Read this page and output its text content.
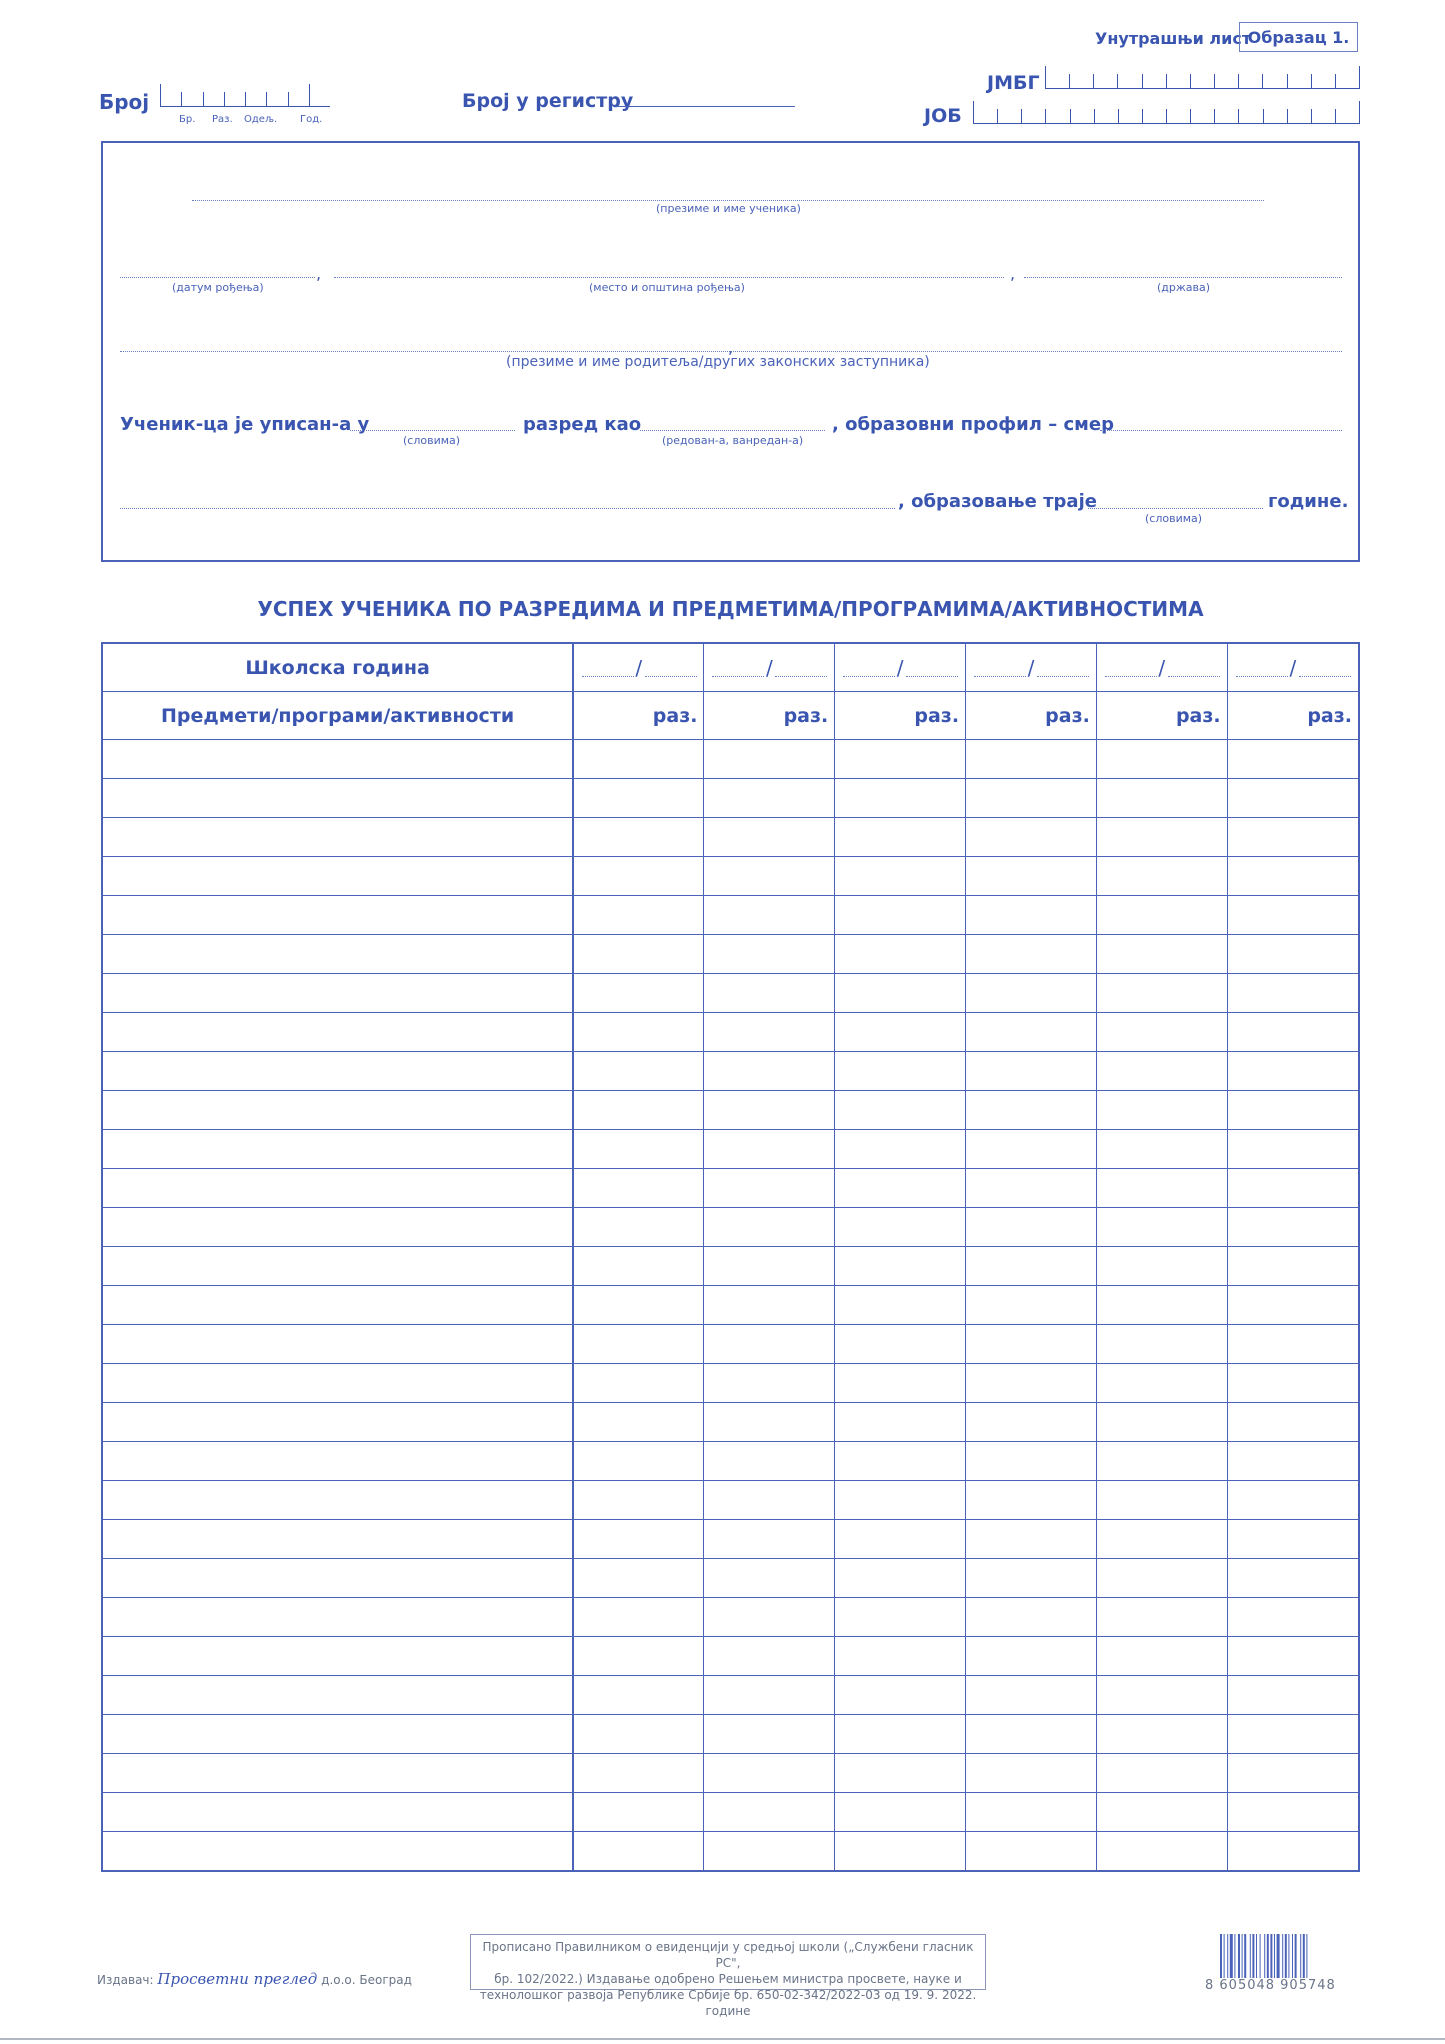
Унутрашњи лист
Образац 1.
Број
Бр. Раз. Одељ. Год.
Број у регистру
ЈМБГ
ЈОБ
(презиме и име ученика)
,
(датум рођења)
,
(место и општина рођења)	(држава)
,
(презиме и име родитеља/других законских заступника)
Ученик-ца је уписан-а у
(словима)
разред као
(редован-а, ванредан-а)
, образовни профил – смер
, образовање траје
(словима)
године.
УСПЕХ УЧЕНИКА ПО РАЗРЕДИМА И ПРЕДМЕТИМА/ПРОГРАМИМА/АКТИВНОСТИМА
Школска година	/	/	/	/	/	/

Предмети/програми/активности	раз.	раз.	раз.	раз.	раз.	раз.

Издавач: Просветни преглед д.о.о. Београд
Прописано Правилником о евиденцији у средњој школи („Службени гласник РС",
бр. 102/2022.) Издавање одобрено Решењем министра просвете, науке и
технолошког развоја Републике Србије бр. 650-02-342/2022-03 од 19. 9. 2022. године
8 605048 905748
